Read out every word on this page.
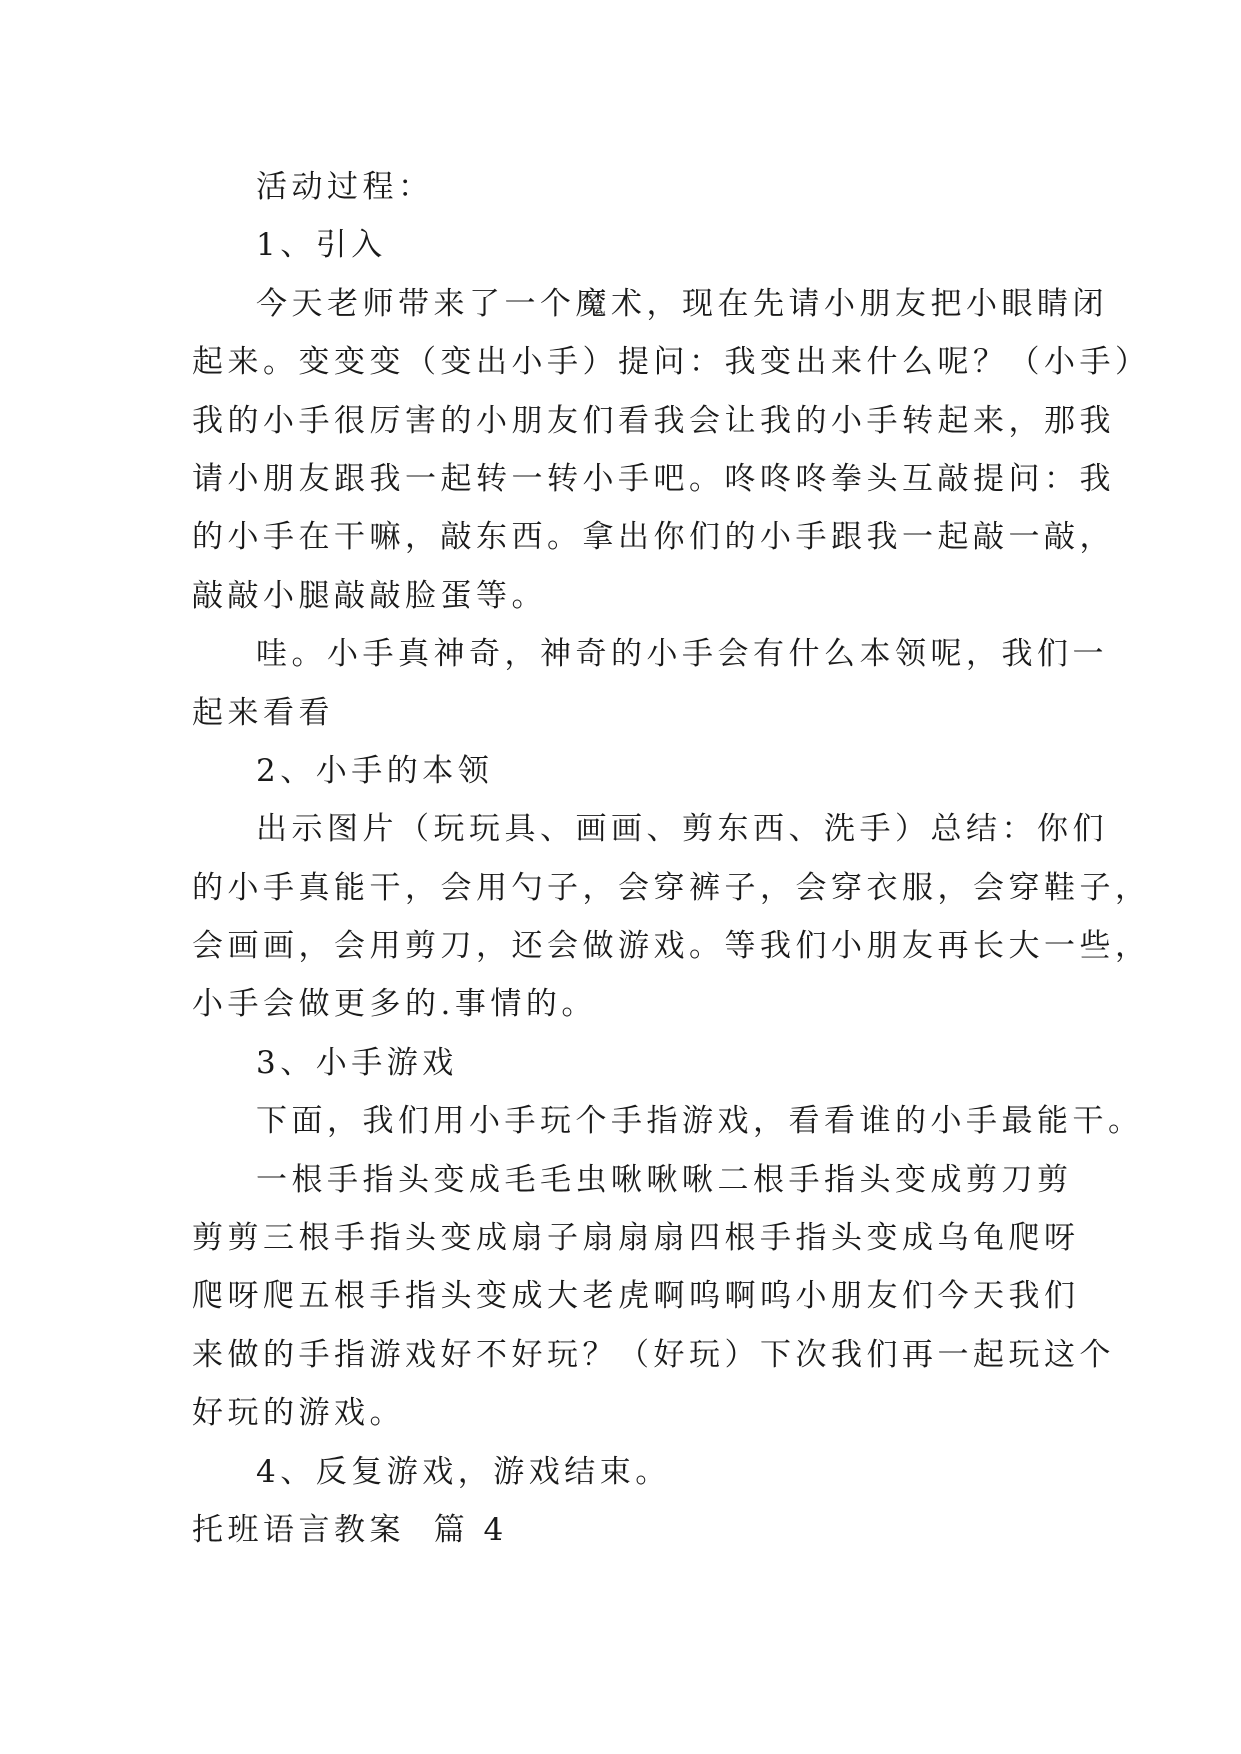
活动过程：
1、引入
今天老师带来了一个魔术，现在先请小朋友把小眼睛闭
起来。变变变（变出小手）提问：我变出来什么呢？（小手）
我的小手很厉害的小朋友们看我会让我的小手转起来，那我
请小朋友跟我一起转一转小手吧。咚咚咚拳头互敲提问：我
的小手在干嘛，敲东西。拿出你们的小手跟我一起敲一敲，
敲敲小腿敲敲脸蛋等。
哇。小手真神奇，神奇的小手会有什么本领呢，我们一
起来看看
2、小手的本领
出示图片（玩玩具、画画、剪东西、洗手）总结：你们
的小手真能干，会用勺子，会穿裤子，会穿衣服，会穿鞋子，
会画画，会用剪刀，还会做游戏。等我们小朋友再长大一些，
小手会做更多的.事情的。
3、小手游戏
下面，我们用小手玩个手指游戏，看看谁的小手最能干。
一根手指头变成毛毛虫啾啾啾二根手指头变成剪刀剪
剪剪三根手指头变成扇子扇扇扇四根手指头变成乌龟爬呀
爬呀爬五根手指头变成大老虎啊呜啊呜小朋友们今天我们
来做的手指游戏好不好玩？（好玩）下次我们再一起玩这个
好玩的游戏。
4、反复游戏，游戏结束。
托班语言教案  篇 4
